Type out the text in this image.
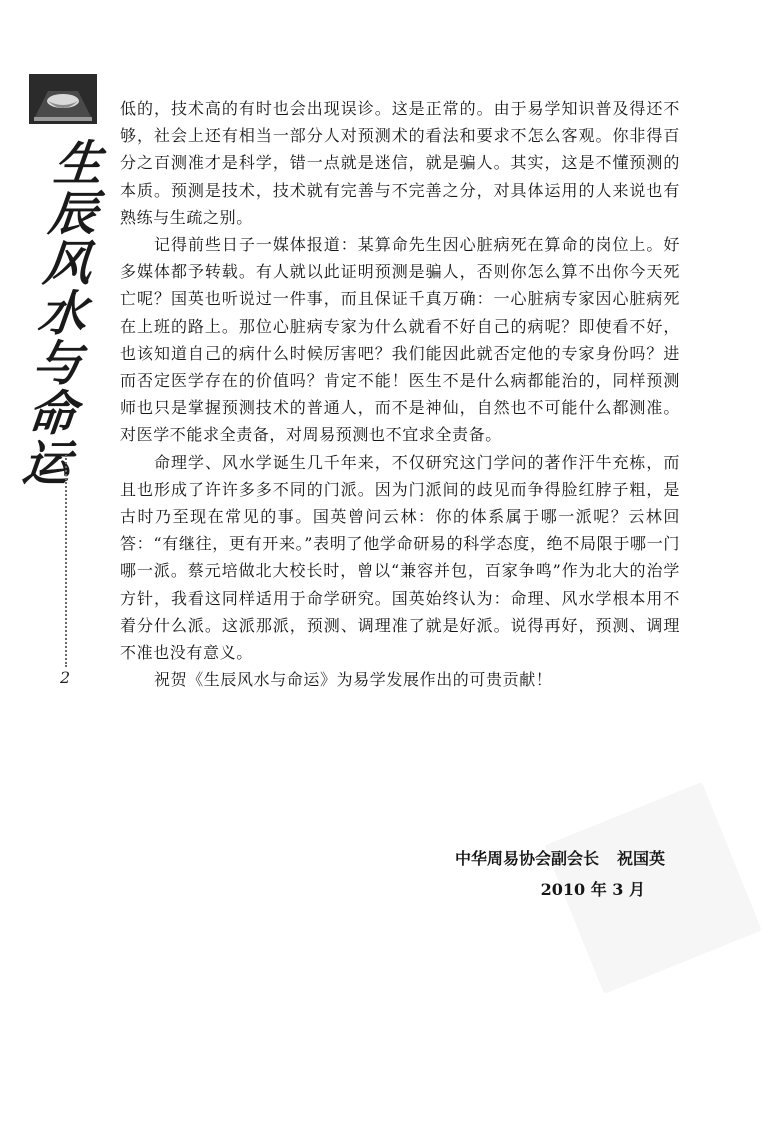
生辰风水与命运
2

低的，技术高的有时也会出现误诊。这是正常的。由于易学知识普及得还不够，社会上还有相当一部分人对预测术的看法和要求不怎么客观。你非得百分之百测准才是科学，错一点就是迷信，就是骗人。其实，这是不懂预测的本质。预测是技术，技术就有完善与不完善之分，对具体运用的人来说也有熟练与生疏之别。

记得前些日子一媒体报道：某算命先生因心脏病死在算命的岗位上。好多媒体都予转载。有人就以此证明预测是骗人，否则你怎么算不出你今天死亡呢？国英也听说过一件事，而且保证千真万确：一心脏病专家因心脏病死在上班的路上。那位心脏病专家为什么就看不好自己的病呢？即使看不好，也该知道自己的病什么时候厉害吧？我们能因此就否定他的专家身份吗？进而否定医学存在的价值吗？肯定不能！医生不是什么病都能治的，同样预测师也只是掌握预测技术的普通人，而不是神仙，自然也不可能什么都测准。对医学不能求全责备，对周易预测也不宜求全责备。

命理学、风水学诞生几千年来，不仅研究这门学问的著作汗牛充栋，而且也形成了许许多多不同的门派。因为门派间的歧见而争得脸红脖子粗，是古时乃至现在常见的事。国英曾问云林：你的体系属于哪一派呢？云林回答：“有继往，更有开来。”表明了他学命研易的科学态度，绝不局限于哪一门哪一派。蔡元培做北大校长时，曾以“兼容并包，百家争鸣”作为北大的治学方针，我看这同样适用于命学研究。国英始终认为：命理、风水学根本用不着分什么派。这派那派，预测、调理准了就是好派。说得再好，预测、调理不准也没有意义。

祝贺《生辰风水与命运》为易学发展作出的可贵贡献！

中华周易协会副会长 祝国英
2010 年 3 月
